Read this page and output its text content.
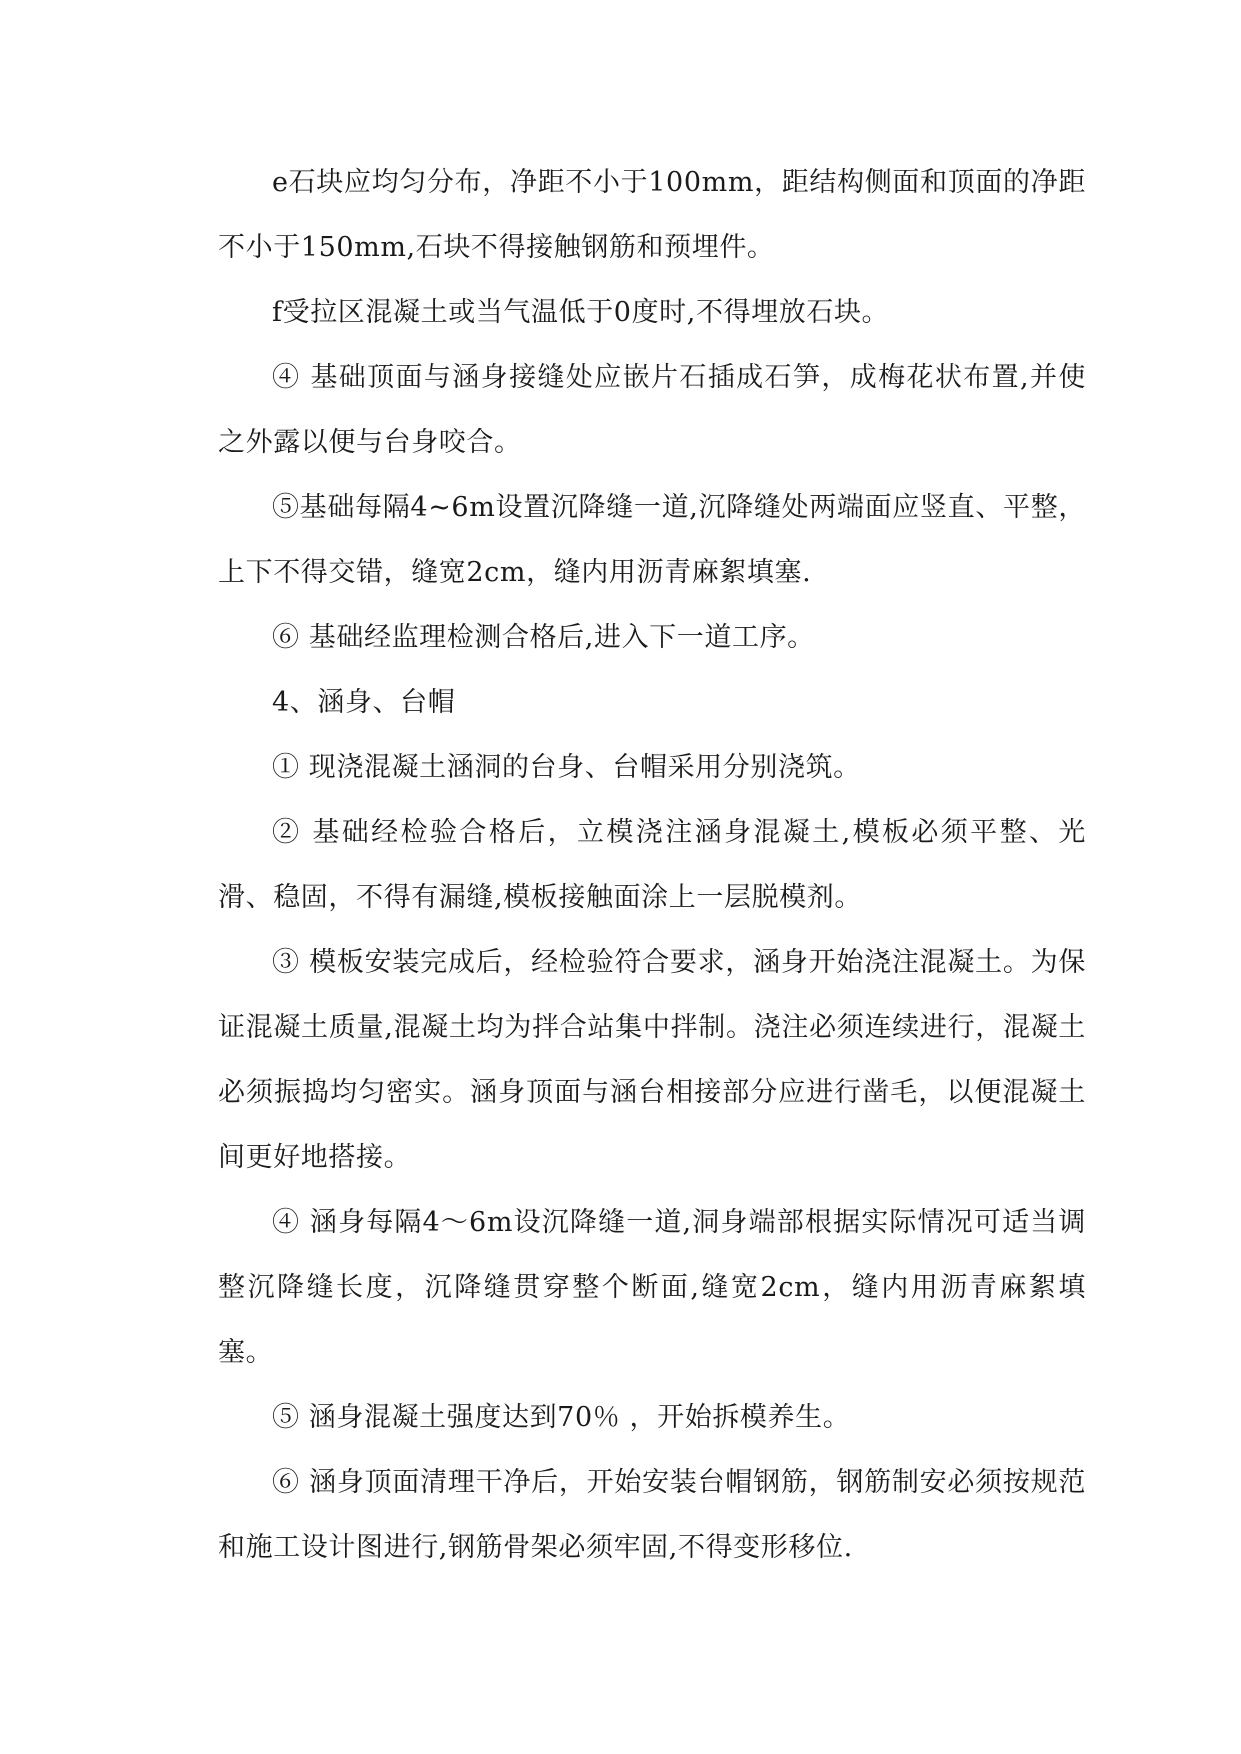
e石块应均匀分布，净距不小于100mm，距结构侧面和顶面的净距不小于150mm,石块不得接触钢筋和预埋件。

f受拉区混凝土或当气温低于0度时,不得埋放石块。

④ 基础顶面与涵身接缝处应嵌片石插成石笋，成梅花状布置,并使之外露以便与台身咬合。

⑤基础每隔4~6m设置沉降缝一道,沉降缝处两端面应竖直、平整，上下不得交错，缝宽2cm，缝内用沥青麻絮填塞.

⑥ 基础经监理检测合格后,进入下一道工序。

4、涵身、台帽

① 现浇混凝土涵洞的台身、台帽采用分别浇筑。

② 基础经检验合格后，立模浇注涵身混凝土,模板必须平整、光滑、稳固，不得有漏缝,模板接触面涂上一层脱模剂。

③ 模板安装完成后，经检验符合要求，涵身开始浇注混凝土。为保证混凝土质量,混凝土均为拌合站集中拌制。浇注必须连续进行，混凝土必须振捣均匀密实。涵身顶面与涵台相接部分应进行凿毛，以便混凝土间更好地搭接。

④ 涵身每隔4～6m设沉降缝一道,洞身端部根据实际情况可适当调整沉降缝长度，沉降缝贯穿整个断面,缝宽2cm，缝内用沥青麻絮填塞。

⑤ 涵身混凝土强度达到70％ ，开始拆模养生。

⑥ 涵身顶面清理干净后，开始安装台帽钢筋，钢筋制安必须按规范和施工设计图进行,钢筋骨架必须牢固,不得变形移位.
